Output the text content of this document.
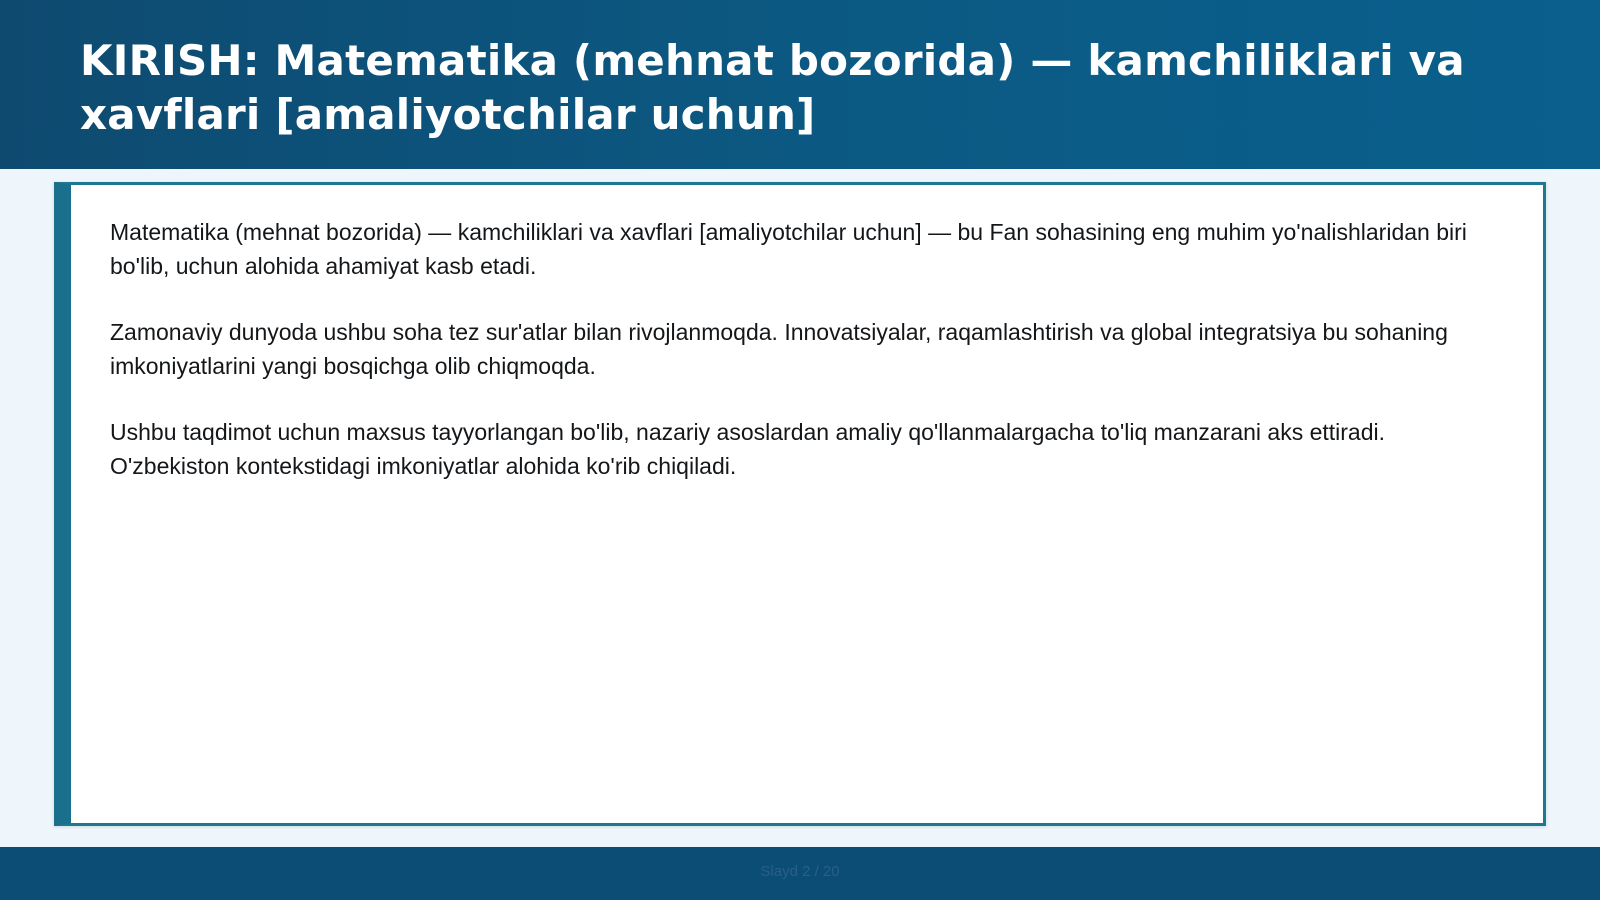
KIRISH: Matematika (mehnat bozorida) — kamchiliklari va xavflari [amaliyotchilar uchun]

Matematika (mehnat bozorida) — kamchiliklari va xavflari [amaliyotchilar uchun] — bu Fan sohasining eng muhim yo'nalishlaridan biri bo'lib, uchun alohida ahamiyat kasb etadi.

Zamonaviy dunyoda ushbu soha tez sur'atlar bilan rivojlanmoqda. Innovatsiyalar, raqamlashtirish va global integratsiya bu sohaning imkoniyatlarini yangi bosqichga olib chiqmoqda.

Ushbu taqdimot uchun maxsus tayyorlangan bo'lib, nazariy asoslardan amaliy qo'llanmalargacha to'liq manzarani aks ettiradi. O'zbekiston kontekstidagi imkoniyatlar alohida ko'rib chiqiladi.

Slayd 2 / 20
